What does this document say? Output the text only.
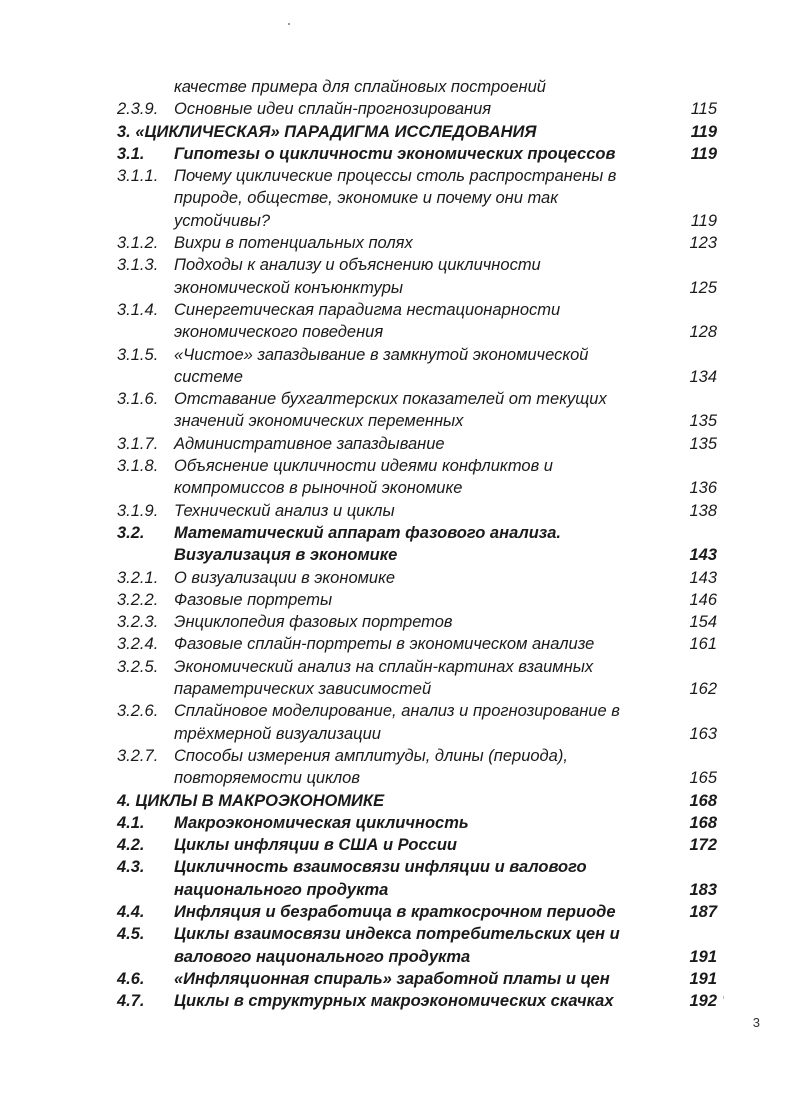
качестве примера для сплайновых построений
2.3.9. Основные идеи сплайн-прогнозирования	115
3. «ЦИКЛИЧЕСКАЯ» ПАРАДИГМА ИССЛЕДОВАНИЯ	119
3.1.	Гипотезы о цикличности экономических процессов	119
3.1.1. Почему циклические процессы столь распространены в
природе, обществе, экономике и почему они так
устойчивы?	119
3.1.2. Вихри в потенциальных полях	123
3.1.3. Подходы к анализу и объяснению цикличности
экономической конъюнктуры	125
3.1.4. Синергетическая парадигма нестационарности
экономического поведения	128
3.1.5. «Чистое» запаздывание в замкнутой экономической
системе	134
3.1.6. Отставание бухгалтерских показателей от текущих
значений экономических переменных	135
3.1.7. Административное запаздывание	135
3.1.8. Объяснение цикличности идеями конфликтов и
компромиссов в рыночной экономике	136
3.1.9. Технический анализ и циклы	138
3.2.	Математический аппарат фазового анализа.
Визуализация в экономике	143
3.2.1. О визуализации в экономике	143
3.2.2. Фазовые портреты	146
3.2.3. Энциклопедия фазовых портретов	154
3.2.4. Фазовые сплайн-портреты в экономическом анализе	161
3.2.5. Экономический анализ на сплайн-картинах взаимных
параметрических зависимостей	162
3.2.6. Сплайновое моделирование, анализ и прогнозирование в
трёхмерной визуализации	163
3.2.7. Способы измерения амплитуды, длины (периода),
повторяемости циклов	165
4. ЦИКЛЫ В МАКРОЭКОНОМИКЕ	168
4.1.	Макроэкономическая цикличность	168
4.2.	Циклы инфляции в США и России	172
4.3.	Цикличность взаимосвязи инфляции и валового
национального продукта	183
4.4.	Инфляция и безработица в краткосрочном периоде	187
4.5.	Циклы взаимосвязи индекса потребительских цен и
валового национального продукта	191
4.6.	«Инфляционная спираль» заработной платы и цен	191
4.7.	Циклы в структурных макроэкономических скачках	192
3
